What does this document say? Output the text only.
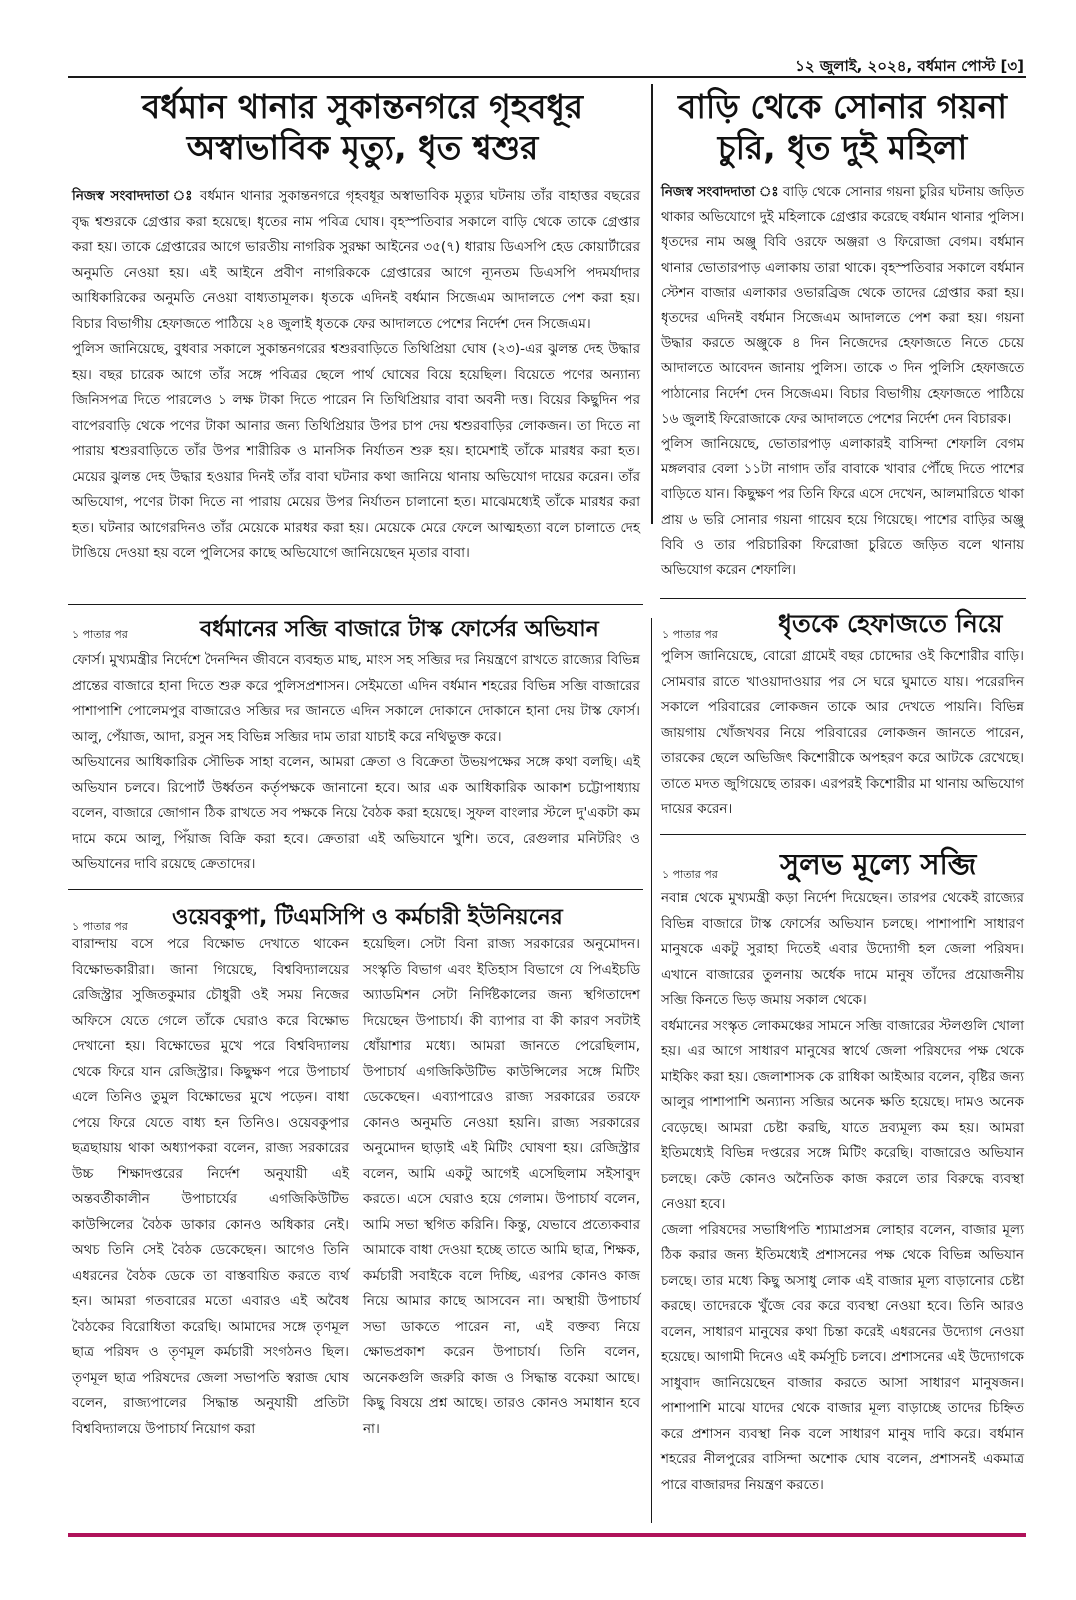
১২ জুলাই, ২০২৪, বর্ধমান পোস্ট [৩]
বর্ধমান থানার সুকান্তনগরে গৃহবধূর অস্বাভাবিক মৃত্যু, ধৃত শ্বশুর

নিজস্ব সংবাদদাতা ঃ বর্ধমান থানার সুকান্তনগরে গৃহবধূর অস্বাভাবিক মৃত্যুর ঘটনায় তাঁর বাহাত্তর বছরের বৃদ্ধ শ্বশুরকে গ্রেপ্তার করা হয়েছে। ধৃতের নাম পবিত্র ঘোষ। বৃহস্পতিবার সকালে বাড়ি থেকে তাকে গ্রেপ্তার করা হয়। তাকে গ্রেপ্তারের আগে ভারতীয় নাগরিক সুরক্ষা আইনের ৩৫(৭) ধারায় ডিএসপি হেড কোয়ার্টারের অনুমতি নেওয়া হয়। এই আইনে প্রবীণ নাগরিককে গ্রেপ্তারের আগে ন্যূনতম ডিএসপি পদমর্যাদার আধিকারিকের অনুমতি নেওয়া বাধ্যতামূলক। ধৃতকে এদিনই বর্ধমান সিজেএম আদালতে পেশ করা হয়। বিচার বিভাগীয় হেফাজতে পাঠিয়ে ২৪ জুলাই ধৃতকে ফের আদালতে পেশের নির্দেশ দেন সিজেএম।

পুলিস জানিয়েছে, বুধবার সকালে সুকান্তনগরের শ্বশুরবাড়িতে তিথিপ্রিয়া ঘোষ (২৩)-এর ঝুলন্ত দেহ উদ্ধার হয়। বছর চারেক আগে তাঁর সঙ্গে পবিত্রর ছেলে পার্থ ঘোষের বিয়ে হয়েছিল। বিয়েতে পণের অন্যান্য জিনিসপত্র দিতে পারলেও ১ লক্ষ টাকা দিতে পারেন নি তিথিপ্রিয়ার বাবা অবনী দত্ত। বিয়ের কিছুদিন পর বাপেরবাড়ি থেকে পণের টাকা আনার জন্য তিথিপ্রিয়ার উপর চাপ দেয় শ্বশুরবাড়ির লোকজন। তা দিতে না পারায় শ্বশুরবাড়িতে তাঁর উপর শারীরিক ও মানসিক নির্যাতন শুরু হয়। হামেশাই তাঁকে মারধর করা হত। মেয়ের ঝুলন্ত দেহ উদ্ধার হওয়ার দিনই তাঁর বাবা ঘটনার কথা জানিয়ে থানায় অভিযোগ দায়ের করেন। তাঁর অভিযোগ, পণের টাকা দিতে না পারায় মেয়ের উপর নির্যাতন চালানো হত। মাঝেমধ্যেই তাঁকে মারধর করা হত। ঘটনার আগেরদিনও তাঁর মেয়েকে মারধর করা হয়। মেয়েকে মেরে ফেলে আত্মহত্যা বলে চালাতে দেহ টাঙিয়ে দেওয়া হয় বলে পুলিসের কাছে অভিযোগে জানিয়েছেন মৃতার বাবা।

বাড়ি থেকে সোনার গয়না চুরি, ধৃত দুই মহিলা

নিজস্ব সংবাদদাতা ঃ বাড়ি থেকে সোনার গয়না চুরির ঘটনায় জড়িত থাকার অভিযোগে দুই মহিলাকে গ্রেপ্তার করেছে বর্ধমান থানার পুলিস। ধৃতদের নাম অঞ্জু বিবি ওরফে অঞ্জরা ও ফিরোজা বেগম। বর্ধমান থানার ভোতারপাড় এলাকায় তারা থাকে। বৃহস্পতিবার সকালে বর্ধমান স্টেশন বাজার এলাকার ওভারব্রিজ থেকে তাদের গ্রেপ্তার করা হয়। ধৃতদের এদিনই বর্ধমান সিজেএম আদালতে পেশ করা হয়। গয়না উদ্ধার করতে অঞ্জুকে ৪ দিন নিজেদের হেফাজতে নিতে চেয়ে আদালতে আবেদন জানায় পুলিস। তাকে ৩ দিন পুলিসি হেফাজতে পাঠানোর নির্দেশ দেন সিজেএম। বিচার বিভাগীয় হেফাজতে পাঠিয়ে ১৬ জুলাই ফিরোজাকে ফের আদালতে পেশের নির্দেশ দেন বিচারক।

পুলিস জানিয়েছে, ভোতারপাড় এলাকারই বাসিন্দা শেফালি বেগম মঙ্গলবার বেলা ১১টা নাগাদ তাঁর বাবাকে খাবার পৌঁছে দিতে পাশের বাড়িতে যান। কিছুক্ষণ পর তিনি ফিরে এসে দেখেন, আলমারিতে থাকা প্রায় ৬ ভরি সোনার গয়না গায়েব হয়ে গিয়েছে। পাশের বাড়ির অঞ্জু বিবি ও তার পরিচারিকা ফিরোজা চুরিতে জড়িত বলে থানায় অভিযোগ করেন শেফালি।

১ পাতার পর	বর্ধমানের সব্জি বাজারে টাস্ক ফোর্সের অভিযান

ফোর্স। মুখ্যমন্ত্রীর নির্দেশে দৈনন্দিন জীবনে ব্যবহৃত মাছ, মাংস সহ সব্জির দর নিয়ন্ত্রণে রাখতে রাজ্যের বিভিন্ন প্রান্তের বাজারে হানা দিতে শুরু করে পুলিসপ্রশাসন। সেইমতো এদিন বর্ধমান শহরের বিভিন্ন সব্জি বাজারের পাশাপাশি পোলেমপুর বাজারেও সব্জির দর জানতে এদিন সকালে দোকানে দোকানে হানা দেয় টাস্ক ফোর্স। আলু, পেঁয়াজ, আদা, রসুন সহ বিভিন্ন সব্জির দাম তারা যাচাই করে নথিভুক্ত করে।

অভিযানের আধিকারিক সৌভিক সাহা বলেন, আমরা ক্রেতা ও বিক্রেতা উভয়পক্ষের সঙ্গে কথা বলছি। এই অভিযান চলবে। রিপোর্ট উর্ধ্বতন কর্তৃপক্ষকে জানানো হবে। আর এক আধিকারিক আকাশ চট্টোপাধ্যায় বলেন, বাজারে জোগান ঠিক রাখতে সব পক্ষকে নিয়ে বৈঠক করা হয়েছে। সুফল বাংলার স্টলে দু'একটা কম দামে কমে আলু, পিঁয়াজ বিক্রি করা হবে। ক্রেতারা এই অভিযানে খুশি। তবে, রেগুলার মনিটরিং ও অভিযানের দাবি রয়েছে ক্রেতাদের।

১ পাতার পর ধৃতকে হেফাজতে নিয়ে

পুলিস জানিয়েছে, বোরো গ্রামেই বছর চোদ্দোর ওই কিশোরীর বাড়ি। সোমবার রাতে খাওয়াদাওয়ার পর সে ঘরে ঘুমাতে যায়। পরেরদিন সকালে পরিবারের লোকজন তাকে আর দেখতে পায়নি। বিভিন্ন জায়গায় খোঁজখবর নিয়ে পরিবারের লোকজন জানতে পারেন, তারকের ছেলে অভিজিৎ কিশোরীকে অপহরণ করে আটকে রেখেছে। তাতে মদত জুগিয়েছে তারক। এরপরই কিশোরীর মা থানায় অভিযোগ দায়ের করেন।

১ পাতার পর ওয়েবকুপা, টিএমসিপি ও কর্মচারী ইউনিয়নের

বারান্দায় বসে পরে বিক্ষোভ দেখাতে থাকেন বিক্ষোভকারীরা। জানা গিয়েছে, বিশ্ববিদ্যালয়ের রেজিস্ট্রার সুজিতকুমার চৌধুরী ওই সময় নিজের অফিসে যেতে গেলে তাঁকে ঘেরাও করে বিক্ষোভ দেখানো হয়। বিক্ষোভের মুখে পরে বিশ্ববিদ্যালয় থেকে ফিরে যান রেজিস্ট্রার। কিছুক্ষণ পরে উপাচার্য এলে তিনিও তুমুল বিক্ষোভের মুখে পড়েন। বাধা পেয়ে ফিরে যেতে বাধ্য হন তিনিও। ওয়েবকুপার ছত্রছায়ায় থাকা অধ্যাপকরা বলেন, রাজ্য সরকারের উচ্চ শিক্ষাদপ্তরের নির্দেশ অনুযায়ী এই অন্তবর্তীকালীন উপাচার্যের এগজিকিউটিভ কাউন্সিলের বৈঠক ডাকার কোনও অধিকার নেই। অথচ তিনি সেই বৈঠক ডেকেছেন। আগেও তিনি এধরনের বৈঠক ডেকে তা বাস্তবায়িত করতে ব্যর্থ হন। আমরা গতবারের মতো এবারও এই অবৈধ বৈঠকের বিরোধিতা করেছি। আমাদের সঙ্গে তৃণমূল ছাত্র পরিষদ ও তৃণমূল কর্মচারী সংগঠনও ছিল। তৃণমূল ছাত্র পরিষদের জেলা সভাপতি স্বরাজ ঘোষ বলেন, রাজ্যপালের সিদ্ধান্ত অনুযায়ী প্রতিটা বিশ্ববিদ্যালয়ে উপাচার্য নিয়োগ করা

হয়েছিল। সেটা বিনা রাজ্য সরকারের অনুমোদন। সংস্কৃতি বিভাগ এবং ইতিহাস বিভাগে যে পিএইচডি অ্যাডমিশন সেটা নির্দিষ্টকালের জন্য স্থগিতাদেশ দিয়েছেন উপাচার্য। কী ব্যাপার বা কী কারণ সবটাই ধোঁয়াশার মধ্যে। আমরা জানতে পেরেছিলাম, উপাচার্য এগজিকিউটিভ কাউন্সিলের সঙ্গে মিটিং ডেকেছেন। এব্যাপারেও রাজ্য সরকারের তরফে কোনও অনুমতি নেওয়া হয়নি। রাজ্য সরকারের অনুমোদন ছাড়াই এই মিটিং ঘোষণা হয়। রেজিস্ট্রার বলেন, আমি একটু আগেই এসেছিলাম সইসাবুদ করতে। এসে ঘেরাও হয়ে গেলাম। উপাচার্য বলেন, আমি সভা স্থগিত করিনি। কিন্তু, যেভাবে প্রত্যেকবার আমাকে বাধা দেওয়া হচ্ছে তাতে আমি ছাত্র, শিক্ষক, কর্মচারী সবাইকে বলে দিচ্ছি, এরপর কোনও কাজ নিয়ে আমার কাছে আসবেন না। অস্থায়ী উপাচার্য সভা ডাকতে পারেন না, এই বক্তব্য নিয়ে ক্ষোভপ্রকাশ করেন উপাচার্য। তিনি বলেন, অনেকগুলি জরুরি কাজ ও সিদ্ধান্ত বকেয়া আছে। কিছু বিষয়ে প্রশ্ন আছে। তারও কোনও সমাধান হবে না।

১ পাতার পর সুলভ মূল্যে সব্জি

নবান্ন থেকে মুখ্যমন্ত্রী কড়া নির্দেশ দিয়েছেন। তারপর থেকেই রাজ্যের বিভিন্ন বাজারে টাস্ক ফোর্সের অভিযান চলছে। পাশাপাশি সাধারণ মানুষকে একটু সুরাহা দিতেই এবার উদ্যোগী হল জেলা পরিষদ। এখানে বাজারের তুলনায় অর্ধেক দামে মানুষ তাঁদের প্রয়োজনীয় সব্জি কিনতে ভিড় জমায় সকাল থেকে।

বর্ধমানের সংস্কৃত লোকমঞ্চের সামনে সব্জি বাজারের স্টলগুলি খোলা হয়। এর আগে সাধারণ মানুষের স্বার্থে জেলা পরিষদের পক্ষ থেকে মাইকিং করা হয়। জেলাশাসক কে রাধিকা আইআর বলেন, বৃষ্টির জন্য আলুর পাশাপাশি অন্যান্য সব্জির অনেক ক্ষতি হয়েছে। দামও অনেক বেড়েছে। আমরা চেষ্টা করছি, যাতে দ্রব্যমূল্য কম হয়। আমরা ইতিমধ্যেই বিভিন্ন দপ্তরের সঙ্গে মিটিং করেছি। বাজারেও অভিযান চলছে। কেউ কোনও অনৈতিক কাজ করলে তার বিরুদ্ধে ব্যবস্থা নেওয়া হবে।

জেলা পরিষদের সভাধিপতি শ্যামাপ্রসন্ন লোহার বলেন, বাজার মূল্য ঠিক করার জন্য ইতিমধ্যেই প্রশাসনের পক্ষ থেকে বিভিন্ন অভিযান চলছে। তার মধ্যে কিছু অসাধু লোক এই বাজার মূল্য বাড়ানোর চেষ্টা করছে। তাদেরকে খুঁজে বের করে ব্যবস্থা নেওয়া হবে। তিনি আরও বলেন, সাধারণ মানুষের কথা চিন্তা করেই এধরনের উদ্যোগ নেওয়া হয়েছে। আগামী দিনেও এই কর্মসূচি চলবে। প্রশাসনের এই উদ্যোগকে সাধুবাদ জানিয়েছেন বাজার করতে আসা সাধারণ মানুষজন। পাশাপাশি মাঝে যাদের থেকে বাজার মূল্য বাড়াচ্ছে তাদের চিহ্নিত করে প্রশাসন ব্যবস্থা নিক বলে সাধারণ মানুষ দাবি করে। বর্ধমান শহরের নীলপুরের বাসিন্দা অশোক ঘোষ বলেন, প্রশাসনই একমাত্র পারে বাজারদর নিয়ন্ত্রণ করতে।
